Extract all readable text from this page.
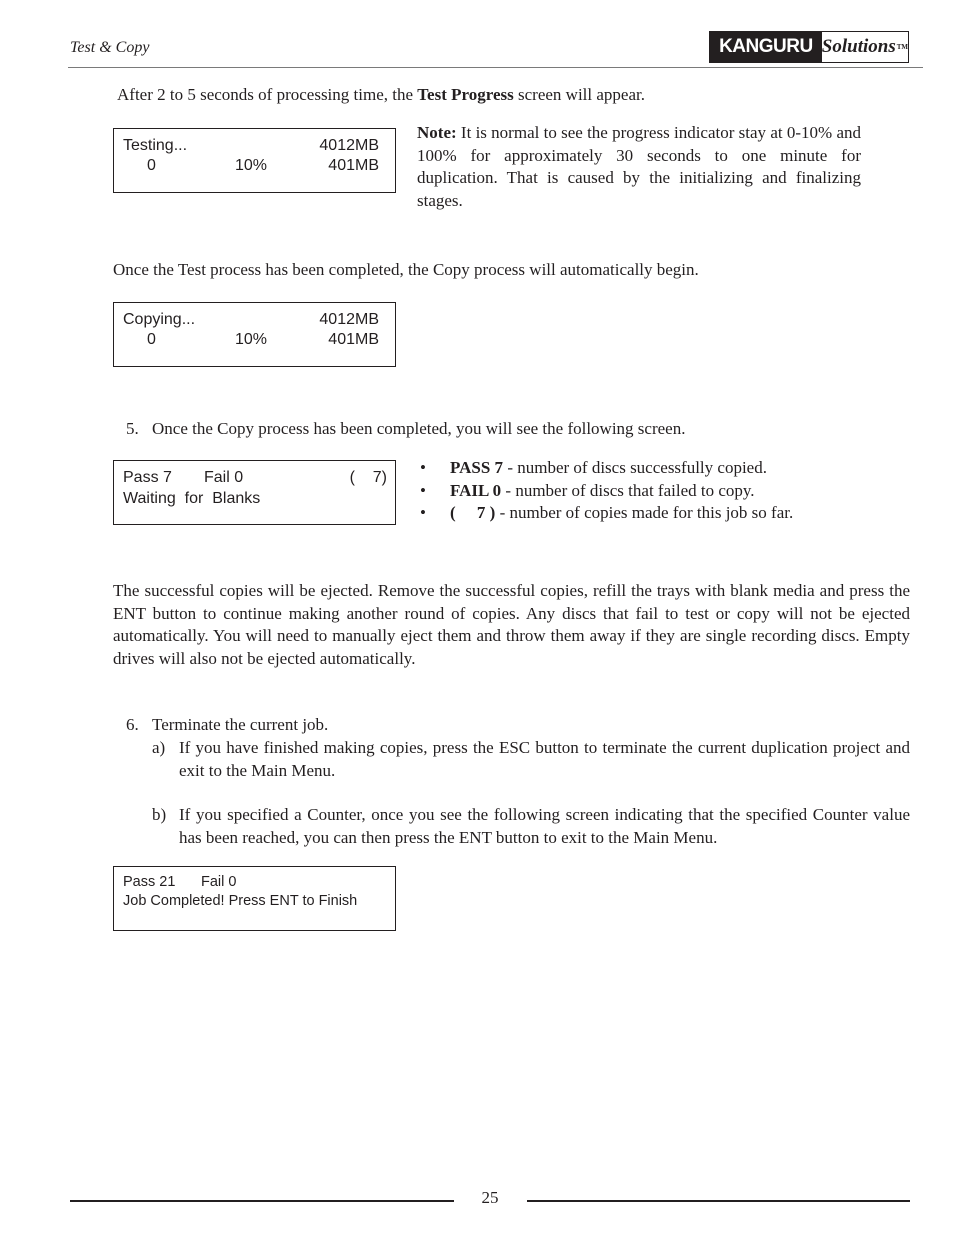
Test & Copy	KANGURU Solutions TM

After 2 to 5 seconds of processing time, the Test Progress screen will appear.

Testing...	4012MB
0	10%	401MB

Note: It is normal to see the progress indicator stay at 0-10% and 100% for approximately 30 seconds to one minute for duplication. That is caused by the initializing and finalizing stages.

Once the Test process has been completed, the Copy process will automatically begin.

Copying...	4012MB
0	10%	401MB
5. Once the Copy process has been completed, you will see the following screen.
Pass 7 Fail 0	(    7)
Waiting  for  Blanks
•	PASS 7 - number of discs successfully copied.
•	FAIL 0 - number of discs that failed to copy.
•	(     7 ) - number of copies made for this job so far.

The successful copies will be ejected. Remove the successful copies, refill the trays with blank media and press the ENT button to continue making another round of copies. Any discs that fail to test or copy will not be ejected automatically. You will need to manually eject them and throw them away if they are single recording discs. Empty drives will also not be ejected automatically.

6. Terminate the current job.
a) If you have finished making copies, press the ESC button to terminate the current duplication project and exit to the Main Menu.

b) If you specified a Counter, once you see the following screen indicating that the specified Counter value has been reached, you can then press the ENT button to exit to the Main Menu.

Pass 21 Fail 0
Job Completed! Press ENT to Finish
25
